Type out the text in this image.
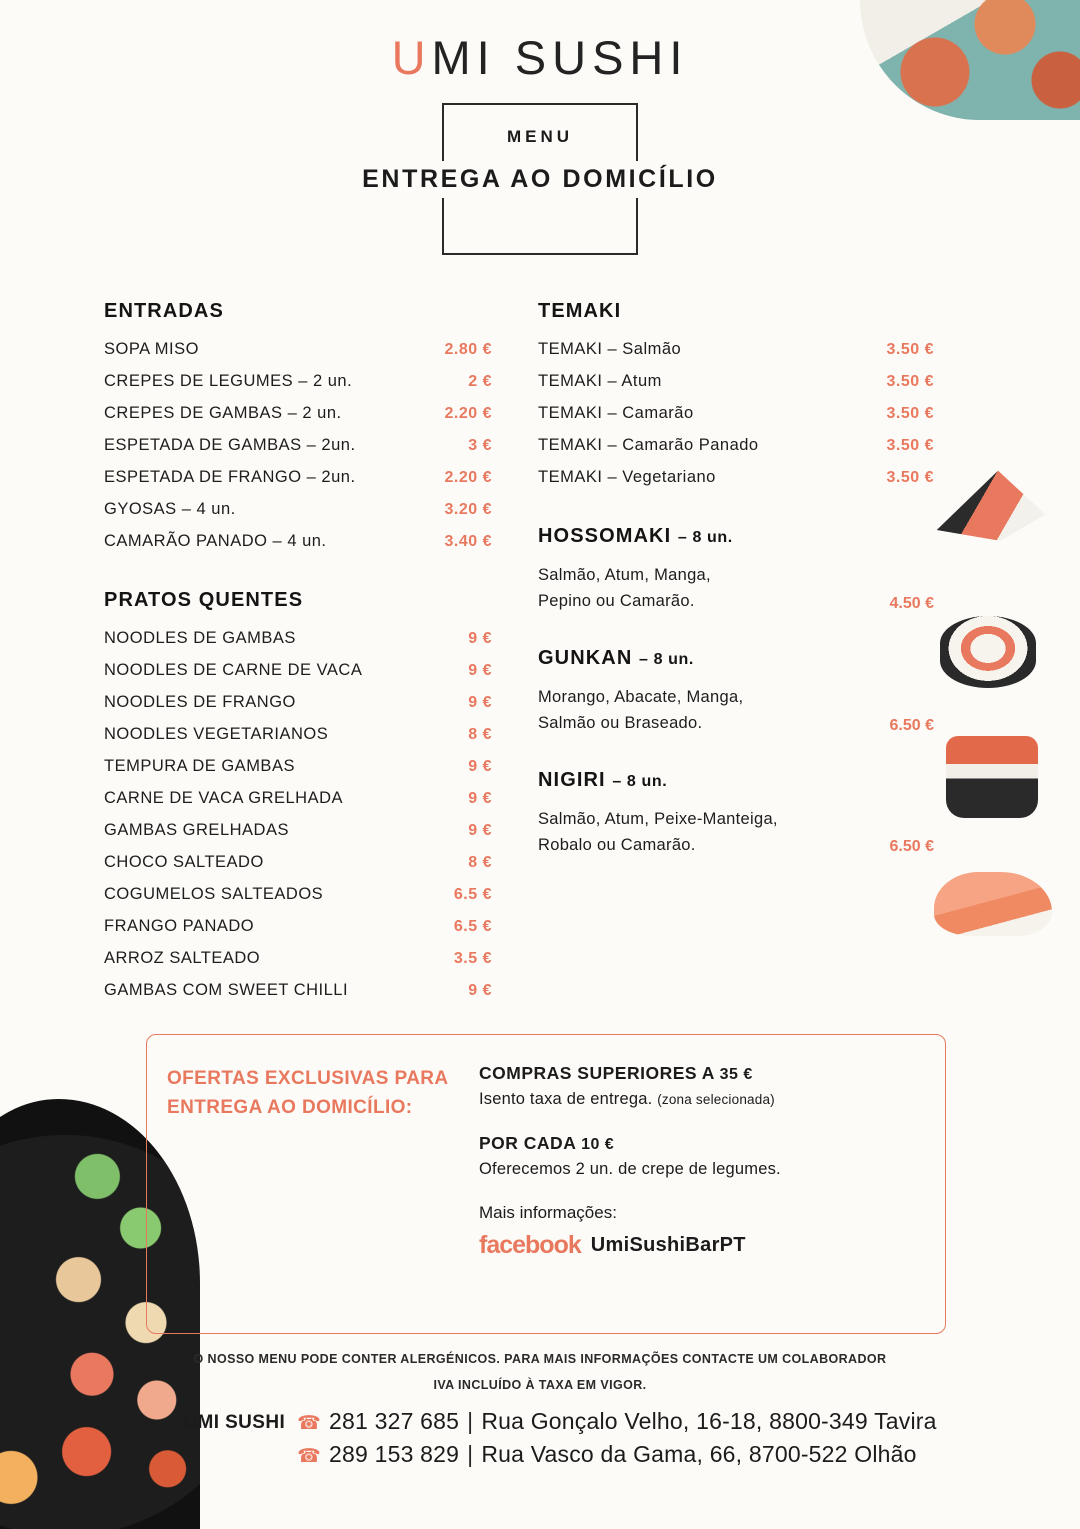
UMI SUSHI
MENU
ENTREGA AO DOMICÍLIO
ENTRADAS
SOPA MISO	2.80 €
CREPES DE LEGUMES – 2 un.	2 €
CREPES DE GAMBAS – 2 un.	2.20 €
ESPETADA DE GAMBAS – 2un.	3 €
ESPETADA DE FRANGO – 2un.	2.20 €
GYOSAS – 4 un.	3.20 €
CAMARÃO PANADO – 4 un.	3.40 €
PRATOS QUENTES
NOODLES DE GAMBAS	9 €
NOODLES DE CARNE DE VACA	9 €
NOODLES DE FRANGO	9 €
NOODLES VEGETARIANOS	8 €
TEMPURA DE GAMBAS	9 €
CARNE DE VACA GRELHADA	9 €
GAMBAS GRELHADAS	9 €
CHOCO SALTEADO	8 €
COGUMELOS SALTEADOS	6.5 €
FRANGO PANADO	6.5 €
ARROZ SALTEADO	3.5 €
GAMBAS COM SWEET CHILLI	9 €
TEMAKI
TEMAKI – Salmão	3.50 €
TEMAKI – Atum	3.50 €
TEMAKI – Camarão	3.50 €
TEMAKI – Camarão Panado	3.50 €
TEMAKI – Vegetariano	3.50 €
HOSSOMAKI – 8 un.
Salmão, Atum, Manga,
Pepino ou Camarão.	4.50 €
GUNKAN – 8 un.
Morango, Abacate, Manga,
Salmão ou Braseado.	6.50 €
NIGIRI – 8 un.
Salmão, Atum, Peixe-Manteiga,
Robalo ou Camarão.	6.50 €
OFERTAS EXCLUSIVAS PARA
ENTREGA AO DOMICÍLIO:
COMPRAS SUPERIORES A 35 €
Isento taxa de entrega. (zona selecionada)
POR CADA 10 €
Oferecemos 2 un. de crepe de legumes.
Mais informações:
facebook UmiSushiBarPT
O NOSSO MENU PODE CONTER ALERGÉNICOS. PARA MAIS INFORMAÇÕES CONTACTE UM COLABORADOR
IVA INCLUÍDO À TAXA EM VIGOR.
UMI SUSHI ☎ 281 327 685 | Rua Gonçalo Velho, 16-18, 8800-349 Tavira
☎ 289 153 829 | Rua Vasco da Gama, 66, 8700-522 Olhão
